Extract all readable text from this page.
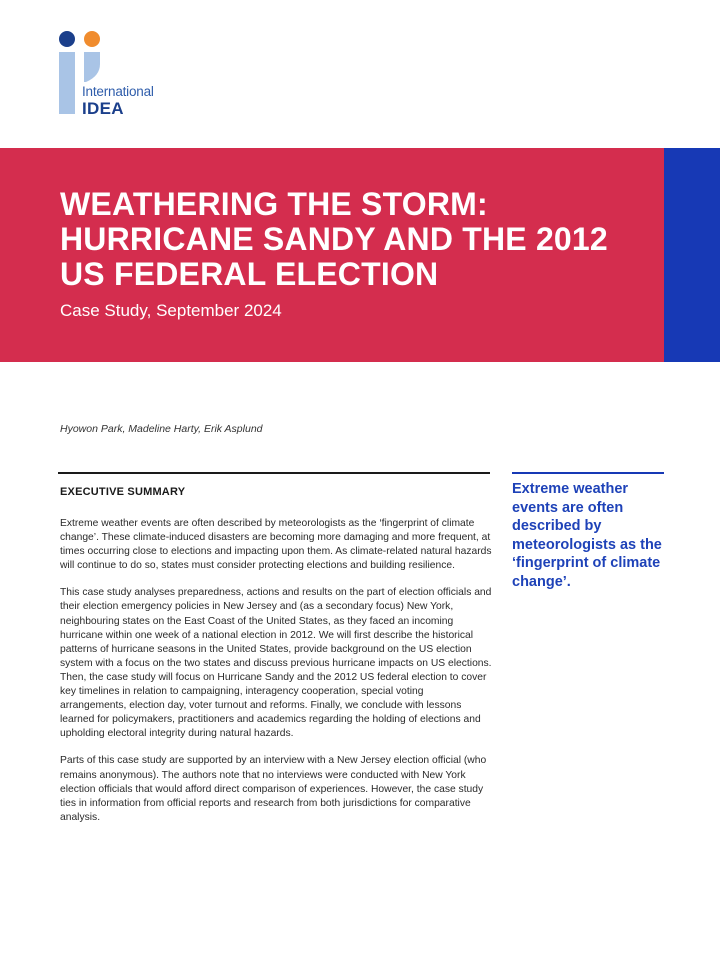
International
IDEA
WEATHERING THE STORM: HURRICANE SANDY AND THE 2012 US FEDERAL ELECTION
Case Study, September 2024
Hyowon Park, Madeline Harty, Erik Asplund
EXECUTIVE SUMMARY

Extreme weather events are often described by meteorologists as the ‘fingerprint of climate change’. These climate-induced disasters are becoming more damaging and more frequent, at times occurring close to elections and impacting upon them. As climate-related natural hazards will continue to do so, states must consider protecting elections and building resilience.

This case study analyses preparedness, actions and results on the part of election officials and their election emergency policies in New Jersey and (as a secondary focus) New York, neighbouring states on the East Coast of the United States, as they faced an incoming hurricane within one week of a national election in 2012. We will first describe the historical patterns of hurricane seasons in the United States, provide background on the US election system with a focus on the two states and discuss previous hurricane impacts on US elections. Then, the case study will focus on Hurricane Sandy and the 2012 US federal election to cover key timelines in relation to campaigning, interagency cooperation, special voting arrangements, election day, voter turnout and reforms. Finally, we conclude with lessons learned for policymakers, practitioners and academics regarding the holding of elections and upholding electoral integrity during natural hazards.

Parts of this case study are supported by an interview with a New Jersey election official (who remains anonymous). The authors note that no interviews were conducted with New York election officials that would afford direct comparison of experiences. However, the case study ties in information from official reports and research from both jurisdictions for comparative analysis.

Extreme weather events are often described by meteorologists as the ‘fingerprint of climate change’.
